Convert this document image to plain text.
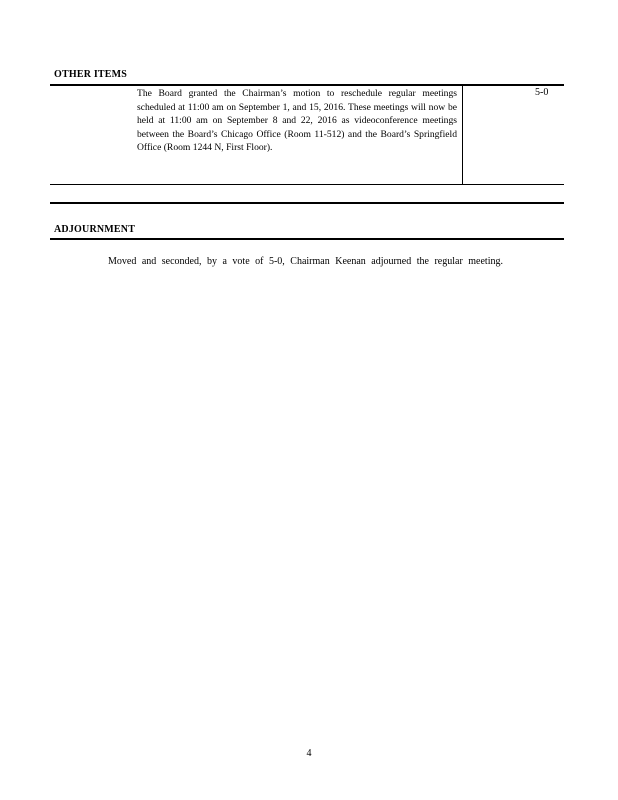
OTHER ITEMS
The Board granted the Chairman’s motion to reschedule regular meetings scheduled at 11:00 am on September 1, and 15, 2016. These meetings will now be held at 11:00 am on September 8 and 22, 2016 as videoconference meetings between the Board’s Chicago Office (Room 11-512) and the Board’s Springfield Office (Room 1244 N, First Floor).
5-0
ADJOURNMENT
Moved and seconded, by a vote of 5-0, Chairman Keenan adjourned the regular meeting.
4
